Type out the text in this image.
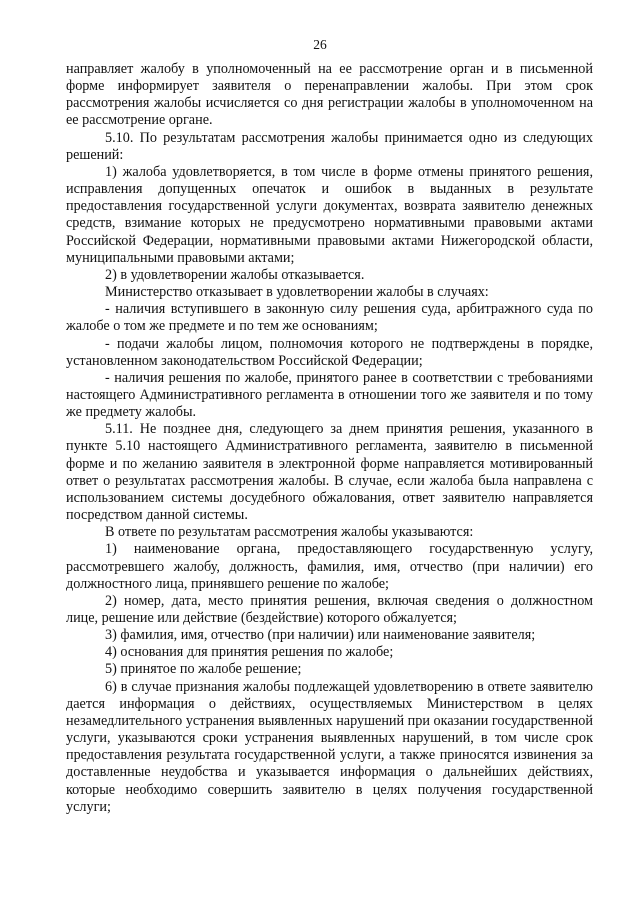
26

направляет жалобу в уполномоченный на ее рассмотрение орган и в письменной форме информирует заявителя о перенаправлении жалобы. При этом срок рассмотрения жалобы исчисляется со дня регистрации жалобы в уполномоченном на ее рассмотрение органе.

5.10. По результатам рассмотрения жалобы принимается одно из следующих решений:

1) жалоба удовлетворяется, в том числе в форме отмены принятого решения, исправления допущенных опечаток и ошибок в выданных в результате предоставления государственной услуги документах, возврата заявителю денежных средств, взимание которых не предусмотрено нормативными правовыми актами Российской Федерации, нормативными правовыми актами Нижегородской области, муниципальными правовыми актами;

2) в удовлетворении жалобы отказывается.

Министерство отказывает в удовлетворении жалобы в случаях:

- наличия вступившего в законную силу решения суда, арбитражного суда по жалобе о том же предмете и по тем же основаниям;

- подачи жалобы лицом, полномочия которого не подтверждены в порядке, установленном законодательством Российской Федерации;

- наличия решения по жалобе, принятого ранее в соответствии с требованиями настоящего Административного регламента в отношении того же заявителя и по тому же предмету жалобы.

5.11. Не позднее дня, следующего за днем принятия решения, указанного в пункте 5.10 настоящего Административного регламента, заявителю в письменной форме и по желанию заявителя в электронной форме направляется мотивированный ответ о результатах рассмотрения жалобы. В случае, если жалоба была направлена с использованием системы досудебного обжалования, ответ заявителю направляется посредством данной системы.

В ответе по результатам рассмотрения жалобы указываются:

1) наименование органа, предоставляющего государственную услугу, рассмотревшего жалобу, должность, фамилия, имя, отчество (при наличии) его должностного лица, принявшего решение по жалобе;

2) номер, дата, место принятия решения, включая сведения о должностном лице, решение или действие (бездействие) которого обжалуется;

3) фамилия, имя, отчество (при наличии) или наименование заявителя;

4) основания для принятия решения по жалобе;

5) принятое по жалобе решение;

6) в случае признания жалобы подлежащей удовлетворению в ответе заявителю дается информация о действиях, осуществляемых Министерством в целях незамедлительного устранения выявленных нарушений при оказании государственной услуги, указываются сроки устранения выявленных нарушений, в том числе срок предоставления результата государственной услуги, а также приносятся извинения за доставленные неудобства и указывается информация о дальнейших действиях, которые необходимо совершить заявителю в целях получения государственной услуги;
